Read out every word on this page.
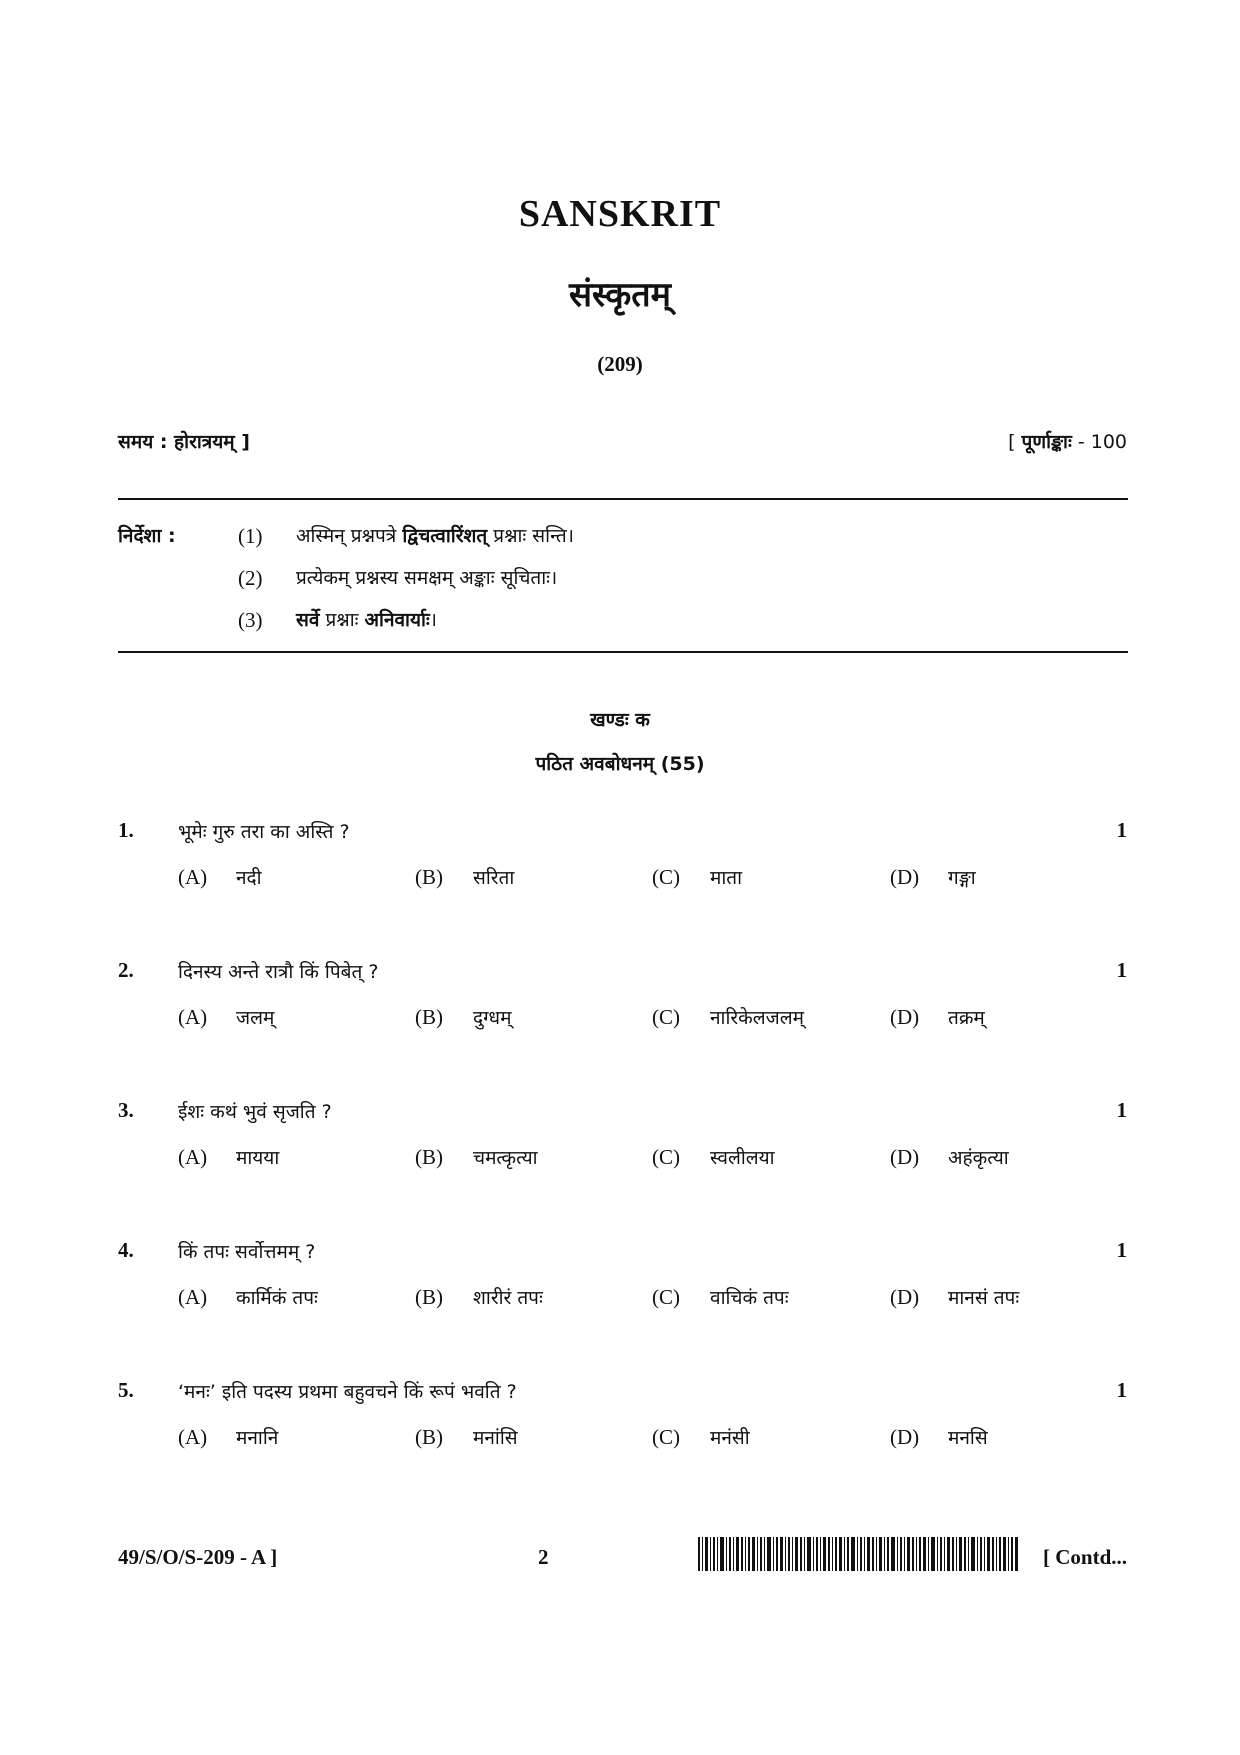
SANSKRIT
संस्कृतम्
(209)
समय : होरात्रयम् ]	[ पूर्णाङ्काः - 100
निर्देशा :	(1) अस्मिन् प्रश्नपत्रे द्विचत्वारिंशत् प्रश्नाः सन्ति।
(2) प्रत्येकम् प्रश्नस्य समक्षम् अङ्काः सूचिताः।
(3) सर्वे प्रश्नाः अनिवार्याः।
खण्डः क
पठित अवबोधनम् (55)
1. भूमेः गुरु तरा का अस्ति ?	1
(A) नदी	(B) सरिता	(C) माता	(D) गङ्गा
2. दिनस्य अन्ते रात्रौ किं पिबेत् ?	1
(A) जलम्	(B) दुग्धम्	(C) नारिकेलजलम्	(D) तक्रम्
3. ईशः कथं भुवं सृजति ?	1
(A) मायया	(B) चमत्कृत्या	(C) स्वलीलया	(D) अहंकृत्या
4. किं तपः सर्वोत्तमम् ?	1
(A) कार्मिकं तपः	(B) शारीरं तपः	(C) वाचिकं तपः	(D) मानसं तपः
5. ‘मनः’ इति पदस्य प्रथमा बहुवचने किं रूपं भवति ?	1
(A) मनानि	(B) मनांसि	(C) मनंसी	(D) मनसि
49/S/O/S-209 - A ]	2	[ Contd...
